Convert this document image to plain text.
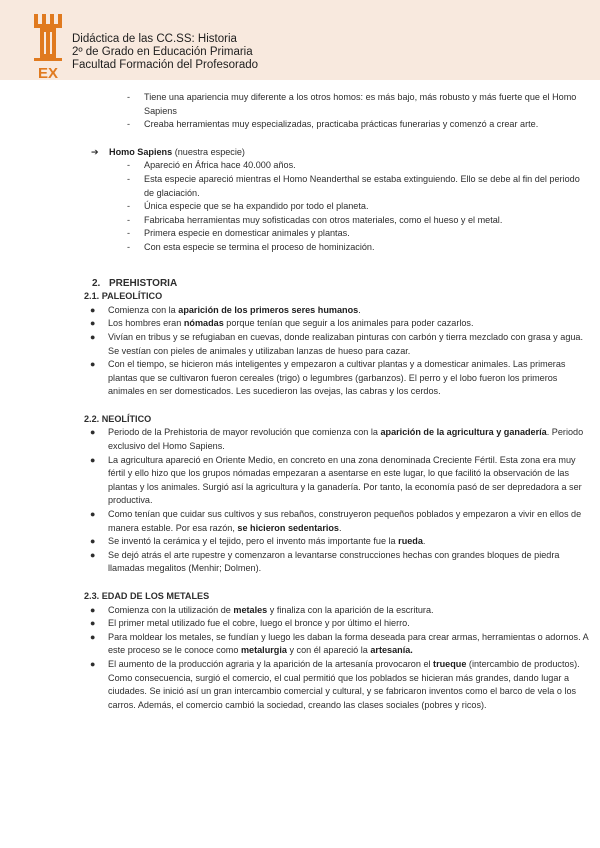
EX
Didáctica de las CC.SS: Historia
2º de Grado en Educación Primaria
Facultad Formación del Profesorado
- Tiene una apariencia muy diferente a los otros homos: es más bajo, más robusto y más fuerte que el Homo Sapiens
- Creaba herramientas muy especializadas, practicaba prácticas funerarias y comenzó a crear arte.
➔ Homo Sapiens (nuestra especie)
- Apareció en África hace 40.000 años.
- Esta especie apareció mientras el Homo Neanderthal se estaba extinguiendo. Ello se debe al fin del periodo de glaciación.
- Única especie que se ha expandido por todo el planeta.
- Fabricaba herramientas muy sofisticadas con otros materiales, como el hueso y el metal.
- Primera especie en domesticar animales y plantas.
- Con esta especie se termina el proceso de hominización.
2. PREHISTORIA
2.1. PALEOLÍTICO
● Comienza con la aparición de los primeros seres humanos.
● Los hombres eran nómadas porque tenían que seguir a los animales para poder cazarlos.
● Vivían en tribus y se refugiaban en cuevas, donde realizaban pinturas con carbón y tierra mezclado con grasa y agua. Se vestían con pieles de animales y utilizaban lanzas de hueso para cazar.
● Con el tiempo, se hicieron más inteligentes y empezaron a cultivar plantas y a domesticar animales. Las primeras plantas que se cultivaron fueron cereales (trigo) o legumbres (garbanzos). El perro y el lobo fueron los primeros animales en ser domesticados. Les sucedieron las ovejas, las cabras y los cerdos.
2.2. NEOLÍTICO
● Periodo de la Prehistoria de mayor revolución que comienza con la aparición de la agricultura y ganadería. Periodo exclusivo del Homo Sapiens.
● La agricultura apareció en Oriente Medio, en concreto en una zona denominada Creciente Fértil. Esta zona era muy fértil y ello hizo que los grupos nómadas empezaran a asentarse en este lugar, lo que facilitó la observación de las plantas y los animales. Surgió así la agricultura y la ganadería. Por tanto, la economía pasó de ser depredadora a ser productiva.
● Como tenían que cuidar sus cultivos y sus rebaños, construyeron pequeños poblados y empezaron a vivir en ellos de manera estable. Por esa razón, se hicieron sedentarios.
● Se inventó la cerámica y el tejido, pero el invento más importante fue la rueda.
● Se dejó atrás el arte rupestre y comenzaron a levantarse construcciones hechas con grandes bloques de piedra llamadas megalitos (Menhir; Dolmen).
2.3. EDAD DE LOS METALES
● Comienza con la utilización de metales y finaliza con la aparición de la escritura.
● El primer metal utilizado fue el cobre, luego el bronce y por último el hierro.
● Para moldear los metales, se fundían y luego les daban la forma deseada para crear armas, herramientas o adornos. A este proceso se le conoce como metalurgia y con él apareció la artesanía.
● El aumento de la producción agraria y la aparición de la artesanía provocaron el trueque (intercambio de productos). Como consecuencia, surgió el comercio, el cual permitió que los poblados se hicieran más grandes, dando lugar a ciudades. Se inició así un gran intercambio comercial y cultural, y se fabricaron inventos como el barco de vela o los carros. Además, el comercio cambió la sociedad, creando las clases sociales (pobres y ricos).
